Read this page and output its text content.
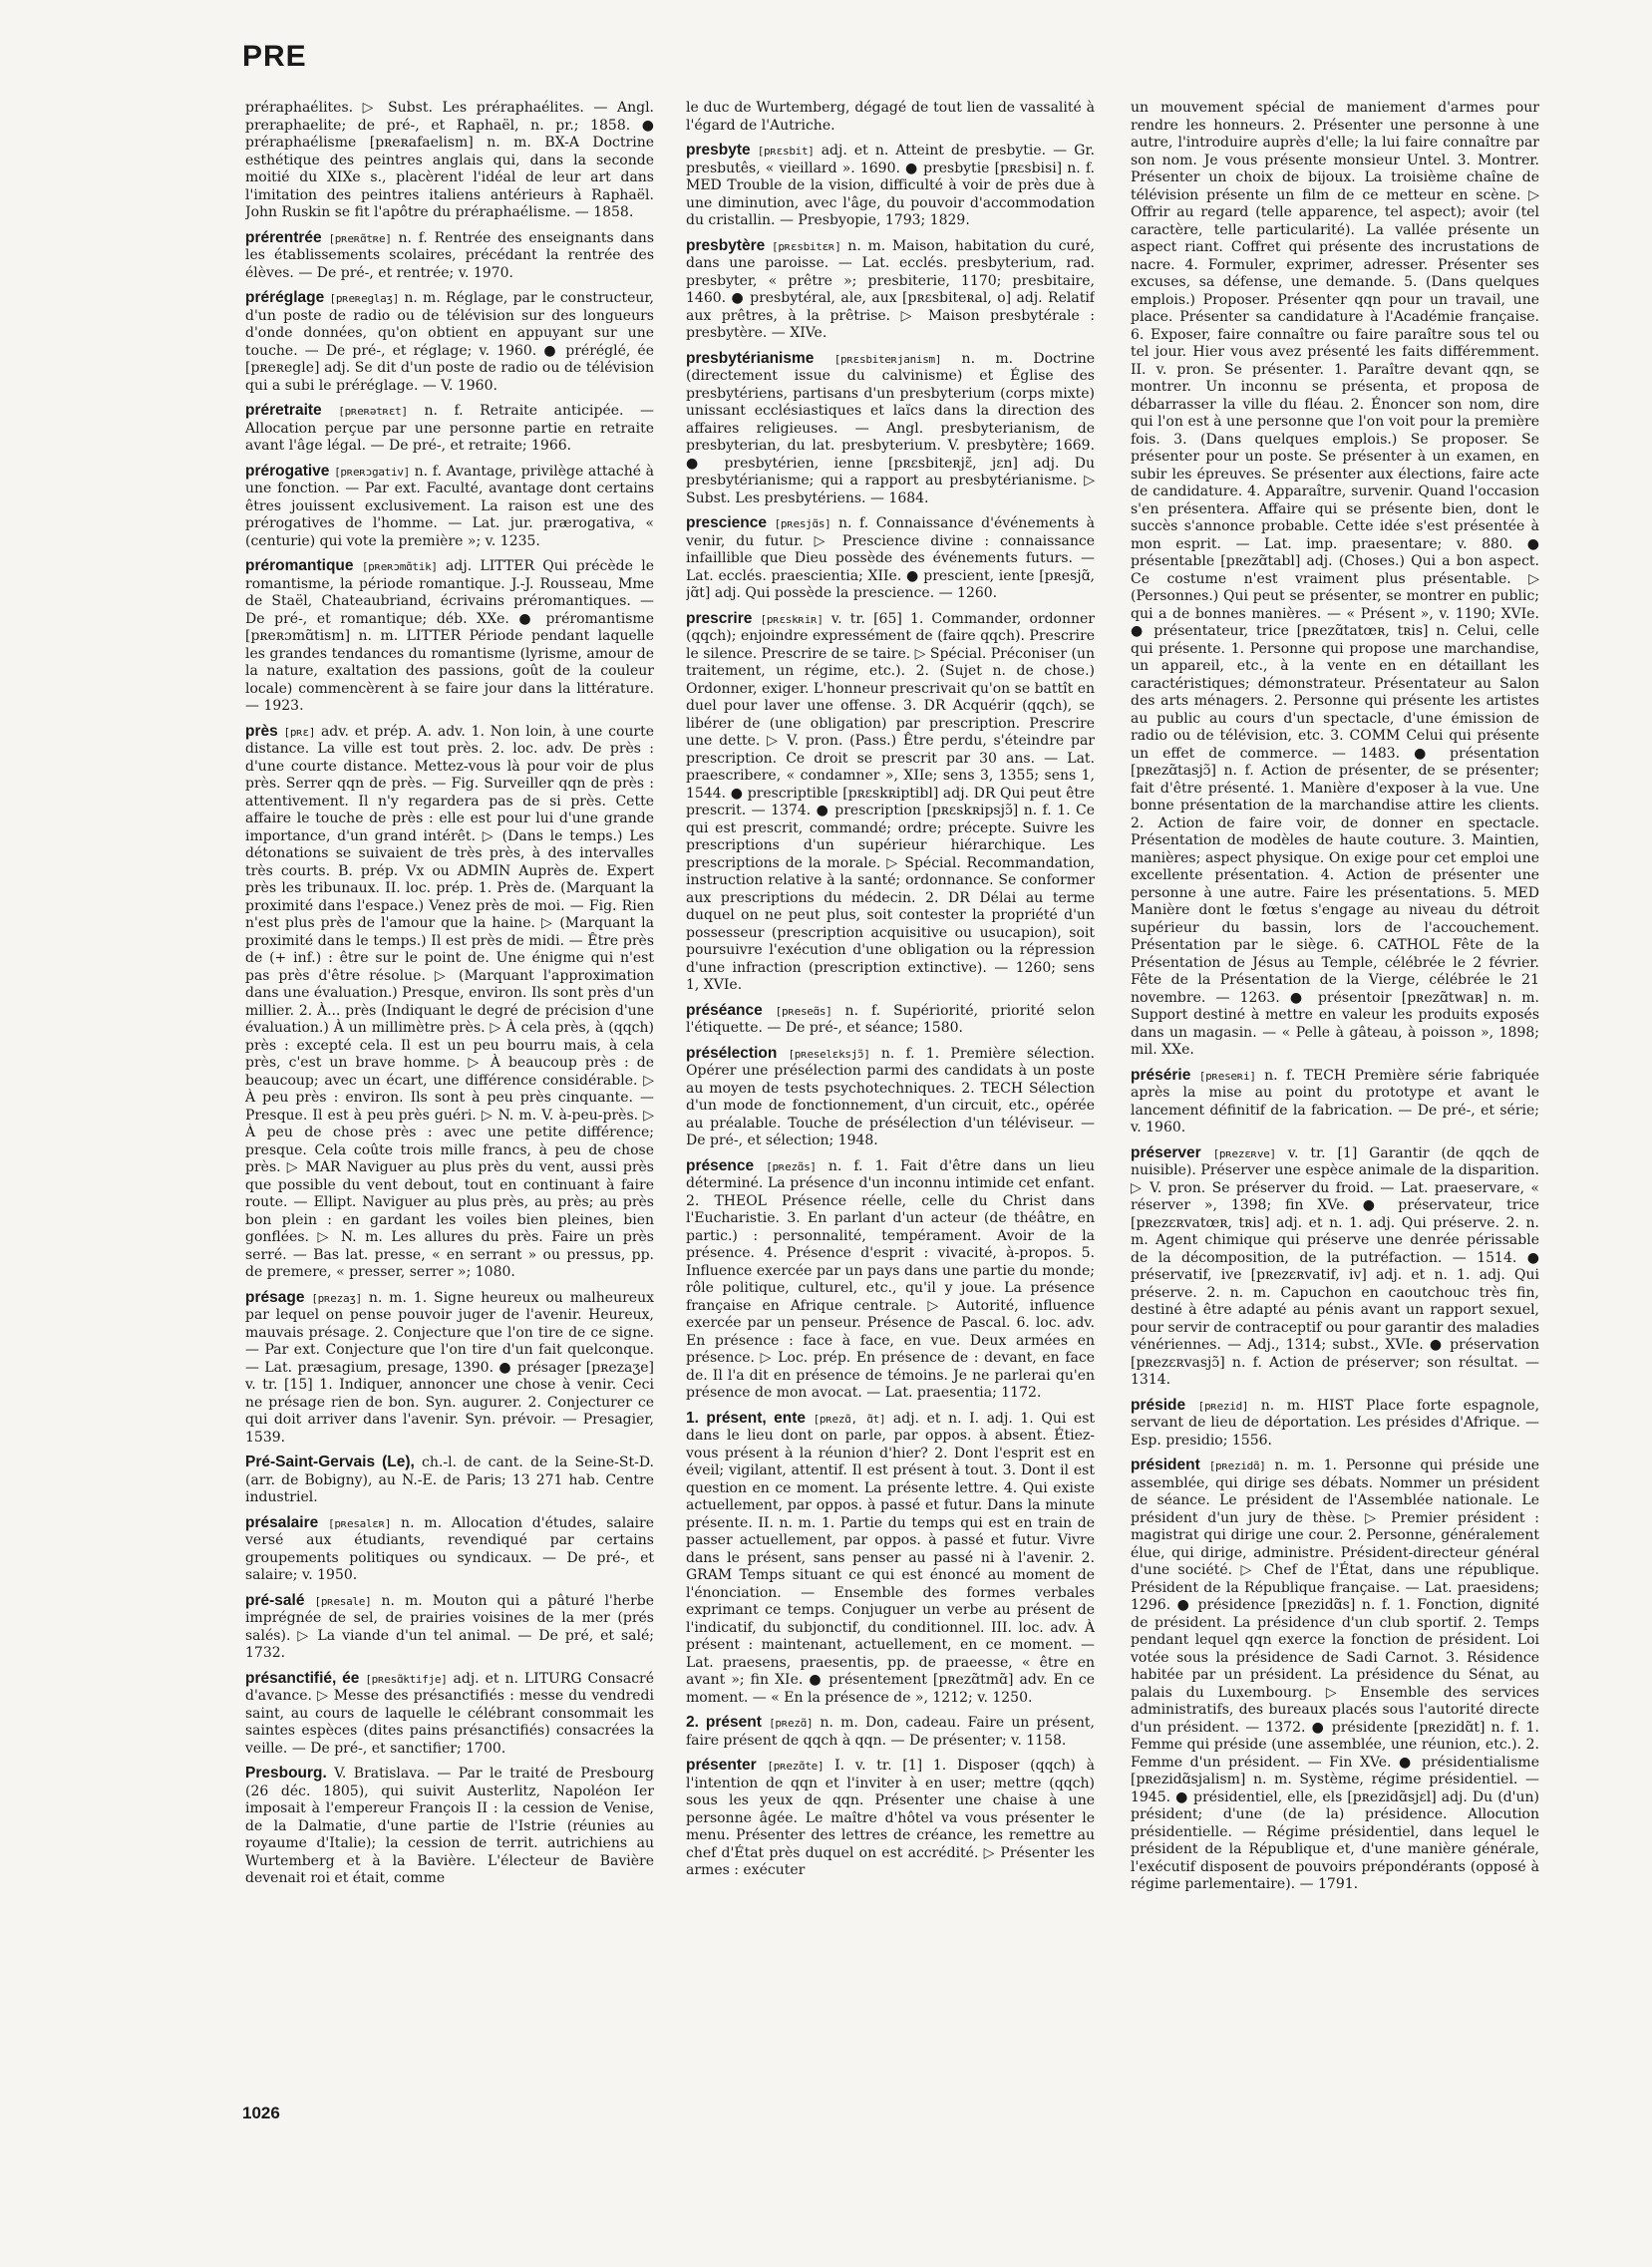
PRE

préraphaélites. ▷ Subst. Les préraphaélites. — Angl. preraphaelite; de pré-, et Raphaël, n. pr.; 1858. ● préraphaélisme [pʀeʀafaelism] n. m. BX-A Doctrine esthétique des peintres anglais qui, dans la seconde moitié du XIXe s., placèrent l'idéal de leur art dans l'imitation des peintres italiens antérieurs à Raphaël. John Ruskin se fit l'apôtre du préraphaélisme. — 1858.

prérentrée [pʀeʀɑ̃tʀe] n. f. Rentrée des enseignants dans les établissements scolaires, précédant la rentrée des élèves. — De pré-, et rentrée; v. 1970.

préréglage [pʀeʀeglaʒ] n. m. Réglage, par le constructeur, d'un poste de radio ou de télévision sur des longueurs d'onde données, qu'on obtient en appuyant sur une touche. — De pré-, et réglage; v. 1960. ● préréglé, ée [pʀeʀegle] adj. Se dit d'un poste de radio ou de télévision qui a subi le préréglage. — V. 1960.

préretraite [pʀeʀətʀɛt] n. f. Retraite anticipée. — Allocation perçue par une personne partie en retraite avant l'âge légal. — De pré-, et retraite; 1966.

prérogative [pʀeʀɔgativ] n. f. Avantage, privilège attaché à une fonction. — Par ext. Faculté, avantage dont certains êtres jouissent exclusivement. La raison est une des prérogatives de l'homme. — Lat. jur. prærogativa, « (centurie) qui vote la première »; v. 1235.

préromantique [pʀeʀɔmɑ̃tik] adj. LITTER Qui précède le romantisme, la période romantique. J.-J. Rousseau, Mme de Staël, Chateaubriand, écrivains préromantiques. — De pré-, et romantique; déb. XXe. ● préromantisme [pʀeʀɔmɑ̃tism] n. m. LITTER Période pendant laquelle les grandes tendances du romantisme (lyrisme, amour de la nature, exaltation des passions, goût de la couleur locale) commencèrent à se faire jour dans la littérature. — 1923.

près [pʀɛ] adv. et prép. A. adv. 1. Non loin, à une courte distance. La ville est tout près. 2. loc. adv. De près : d'une courte distance. Mettez-vous là pour voir de plus près. Serrer qqn de près. — Fig. Surveiller qqn de près : attentivement. Il n'y regardera pas de si près. Cette affaire le touche de près : elle est pour lui d'une grande importance, d'un grand intérêt. ▷ (Dans le temps.) Les détonations se suivaient de très près, à des intervalles très courts. B. prép. Vx ou ADMIN Auprès de. Expert près les tribunaux. II. loc. prép. 1. Près de. (Marquant la proximité dans l'espace.) Venez près de moi. — Fig. Rien n'est plus près de l'amour que la haine. ▷ (Marquant la proximité dans le temps.) Il est près de midi. — Être près de (+ inf.) : être sur le point de. Une énigme qui n'est pas près d'être résolue. ▷ (Marquant l'approximation dans une évaluation.) Presque, environ. Ils sont près d'un millier. 2. À... près (Indiquant le degré de précision d'une évaluation.) À un millimètre près. ▷ À cela près, à (qqch) près : excepté cela. Il est un peu bourru mais, à cela près, c'est un brave homme. ▷ À beaucoup près : de beaucoup; avec un écart, une différence considérable. ▷ À peu près : environ. Ils sont à peu près cinquante. — Presque. Il est à peu près guéri. ▷ N. m. V. à-peu-près. ▷ À peu de chose près : avec une petite différence; presque. Cela coûte trois mille francs, à peu de chose près. ▷ MAR Naviguer au plus près du vent, aussi près que possible du vent debout, tout en continuant à faire route. — Ellipt. Naviguer au plus près, au près; au près bon plein : en gardant les voiles bien pleines, bien gonflées. ▷ N. m. Les allures du près. Faire un près serré. — Bas lat. presse, « en serrant » ou pressus, pp. de premere, « presser, serrer »; 1080.

présage [pʀezaʒ] n. m. 1. Signe heureux ou malheureux par lequel on pense pouvoir juger de l'avenir. Heureux, mauvais présage. 2. Conjecture que l'on tire de ce signe. — Par ext. Conjecture que l'on tire d'un fait quelconque. — Lat. præsagium, presage, 1390. ● présager [pʀezaʒe] v. tr. [15] 1. Indiquer, annoncer une chose à venir. Ceci ne présage rien de bon. Syn. augurer. 2. Conjecturer ce qui doit arriver dans l'avenir. Syn. prévoir. — Presagier, 1539.

Pré-Saint-Gervais (Le), ch.-l. de cant. de la Seine-St-D. (arr. de Bobigny), au N.-E. de Paris; 13 271 hab. Centre industriel.

présalaire [pʀesalɛʀ] n. m. Allocation d'études, salaire versé aux étudiants, revendiqué par certains groupements politiques ou syndicaux. — De pré-, et salaire; v. 1950.

pré-salé [pʀesale] n. m. Mouton qui a pâturé l'herbe imprégnée de sel, de prairies voisines de la mer (prés salés). ▷ La viande d'un tel animal. — De pré, et salé; 1732.

présanctifié, ée [pʀesɑ̃ktifje] adj. et n. LITURG Consacré d'avance. ▷ Messe des présanctifiés : messe du vendredi saint, au cours de laquelle le célébrant consommait les saintes espèces (dites pains présanctifiés) consacrées la veille. — De pré-, et sanctifier; 1700.

Presbourg. V. Bratislava. — Par le traité de Presbourg (26 déc. 1805), qui suivit Austerlitz, Napoléon Ier imposait à l'empereur François II : la cession de Venise, de la Dalmatie, d'une partie de l'Istrie (réunies au royaume d'Italie); la cession de territ. autrichiens au Wurtemberg et à la Bavière. L'électeur de Bavière devenait roi et était, comme

le duc de Wurtemberg, dégagé de tout lien de vassalité à l'égard de l'Autriche.

presbyte [pʀɛsbit] adj. et n. Atteint de presbytie. — Gr. presbutês, « vieillard ». 1690. ● presbytie [pʀɛsbisi] n. f. MED Trouble de la vision, difficulté à voir de près due à une diminution, avec l'âge, du pouvoir d'accommodation du cristallin. — Presbyopie, 1793; 1829.

presbytère [pʀɛsbitɛʀ] n. m. Maison, habitation du curé, dans une paroisse. — Lat. ecclés. presbyterium, rad. presbyter, « prêtre »; presbiterie, 1170; presbitaire, 1460. ● presbytéral, ale, aux [pʀɛsbiteʀal, o] adj. Relatif aux prêtres, à la prêtrise. ▷ Maison presbytérale : presbytère. — XIVe.

presbytérianisme [pʀɛsbiteʀjanism] n. m. Doctrine (directement issue du calvinisme) et Église des presbytériens, partisans d'un presbyterium (corps mixte) unissant ecclésiastiques et laïcs dans la direction des affaires religieuses. — Angl. presbyterianism, de presbyterian, du lat. presbyterium. V. presbytère; 1669. ● presbytérien, ienne [pʀɛsbiteʀjɛ̃, jɛn] adj. Du presbytérianisme; qui a rapport au presbytérianisme. ▷ Subst. Les presbytériens. — 1684.

prescience [pʀesjɑ̃s] n. f. Connaissance d'événements à venir, du futur. ▷ Prescience divine : connaissance infaillible que Dieu possède des événements futurs. — Lat. ecclés. praescientia; XIIe. ● prescient, iente [pʀesjɑ̃, jɑ̃t] adj. Qui possède la prescience. — 1260.

prescrire [pʀɛskʀiʀ] v. tr. [65] 1. Commander, ordonner (qqch); enjoindre expressément de (faire qqch). Prescrire le silence. Prescrire de se taire. ▷ Spécial. Préconiser (un traitement, un régime, etc.). 2. (Sujet n. de chose.) Ordonner, exiger. L'honneur prescrivait qu'on se battît en duel pour laver une offense. 3. DR Acquérir (qqch), se libérer de (une obligation) par prescription. Prescrire une dette. ▷ V. pron. (Pass.) Être perdu, s'éteindre par prescription. Ce droit se prescrit par 30 ans. — Lat. praescribere, « condamner », XIIe; sens 3, 1355; sens 1, 1544. ● prescriptible [pʀɛskʀiptibl] adj. DR Qui peut être prescrit. — 1374. ● prescription [pʀɛskʀipsjɔ̃] n. f. 1. Ce qui est prescrit, commandé; ordre; précepte. Suivre les prescriptions d'un supérieur hiérarchique. Les prescriptions de la morale. ▷ Spécial. Recommandation, instruction relative à la santé; ordonnance. Se conformer aux prescriptions du médecin. 2. DR Délai au terme duquel on ne peut plus, soit contester la propriété d'un possesseur (prescription acquisitive ou usucapion), soit poursuivre l'exécution d'une obligation ou la répression d'une infraction (prescription extinctive). — 1260; sens 1, XVIe.

préséance [pʀeseɑ̃s] n. f. Supériorité, priorité selon l'étiquette. — De pré-, et séance; 1580.

présélection [pʀeselɛksjɔ̃] n. f. 1. Première sélection. Opérer une présélection parmi des candidats à un poste au moyen de tests psychotechniques. 2. TECH Sélection d'un mode de fonctionnement, d'un circuit, etc., opérée au préalable. Touche de présélection d'un téléviseur. — De pré-, et sélection; 1948.

présence [pʀezɑ̃s] n. f. 1. Fait d'être dans un lieu déterminé. La présence d'un inconnu intimide cet enfant. 2. THEOL Présence réelle, celle du Christ dans l'Eucharistie. 3. En parlant d'un acteur (de théâtre, en partic.) : personnalité, tempérament. Avoir de la présence. 4. Présence d'esprit : vivacité, à-propos. 5. Influence exercée par un pays dans une partie du monde; rôle politique, culturel, etc., qu'il y joue. La présence française en Afrique centrale. ▷ Autorité, influence exercée par un penseur. Présence de Pascal. 6. loc. adv. En présence : face à face, en vue. Deux armées en présence. ▷ Loc. prép. En présence de : devant, en face de. Il l'a dit en présence de témoins. Je ne parlerai qu'en présence de mon avocat. — Lat. praesentia; 1172.

1. présent, ente [pʀezɑ̃, ɑ̃t] adj. et n. I. adj. 1. Qui est dans le lieu dont on parle, par oppos. à absent. Étiez-vous présent à la réunion d'hier? 2. Dont l'esprit est en éveil; vigilant, attentif. Il est présent à tout. 3. Dont il est question en ce moment. La présente lettre. 4. Qui existe actuellement, par oppos. à passé et futur. Dans la minute présente. II. n. m. 1. Partie du temps qui est en train de passer actuellement, par oppos. à passé et futur. Vivre dans le présent, sans penser au passé ni à l'avenir. 2. GRAM Temps situant ce qui est énoncé au moment de l'énonciation. — Ensemble des formes verbales exprimant ce temps. Conjuguer un verbe au présent de l'indicatif, du subjonctif, du conditionnel. III. loc. adv. À présent : maintenant, actuellement, en ce moment. — Lat. praesens, praesentis, pp. de praeesse, « être en avant »; fin XIe. ● présentement [pʀezɑ̃tmɑ̃] adv. En ce moment. — « En la présence de », 1212; v. 1250.

2. présent [pʀezɑ̃] n. m. Don, cadeau. Faire un présent, faire présent de qqch à qqn. — De présenter; v. 1158.

présenter [pʀezɑ̃te] I. v. tr. [1] 1. Disposer (qqch) à l'intention de qqn et l'inviter à en user; mettre (qqch) sous les yeux de qqn. Présenter une chaise à une personne âgée. Le maître d'hôtel va vous présenter le menu. Présenter des lettres de créance, les remettre au chef d'État près duquel on est accrédité. ▷ Présenter les armes : exécuter

un mouvement spécial de maniement d'armes pour rendre les honneurs. 2. Présenter une personne à une autre, l'introduire auprès d'elle; la lui faire connaître par son nom. Je vous présente monsieur Untel. 3. Montrer. Présenter un choix de bijoux. La troisième chaîne de télévision présente un film de ce metteur en scène. ▷ Offrir au regard (telle apparence, tel aspect); avoir (tel caractère, telle particularité). La vallée présente un aspect riant. Coffret qui présente des incrustations de nacre. 4. Formuler, exprimer, adresser. Présenter ses excuses, sa défense, une demande. 5. (Dans quelques emplois.) Proposer. Présenter qqn pour un travail, une place. Présenter sa candidature à l'Académie française. 6. Exposer, faire connaître ou faire paraître sous tel ou tel jour. Hier vous avez présenté les faits différemment. II. v. pron. Se présenter. 1. Paraître devant qqn, se montrer. Un inconnu se présenta, et proposa de débarrasser la ville du fléau. 2. Énoncer son nom, dire qui l'on est à une personne que l'on voit pour la première fois. 3. (Dans quelques emplois.) Se proposer. Se présenter pour un poste. Se présenter à un examen, en subir les épreuves. Se présenter aux élections, faire acte de candidature. 4. Apparaître, survenir. Quand l'occasion s'en présentera. Affaire qui se présente bien, dont le succès s'annonce probable. Cette idée s'est présentée à mon esprit. — Lat. imp. praesentare; v. 880. ● présentable [pʀezɑ̃tabl] adj. (Choses.) Qui a bon aspect. Ce costume n'est vraiment plus présentable. ▷ (Personnes.) Qui peut se présenter, se montrer en public; qui a de bonnes manières. — « Présent », v. 1190; XVIe. ● présentateur, trice [pʀezɑ̃tatœʀ, tʀis] n. Celui, celle qui présente. 1. Personne qui propose une marchandise, un appareil, etc., à la vente en en détaillant les caractéristiques; démonstrateur. Présentateur au Salon des arts ménagers. 2. Personne qui présente les artistes au public au cours d'un spectacle, d'une émission de radio ou de télévision, etc. 3. COMM Celui qui présente un effet de commerce. — 1483. ● présentation [pʀezɑ̃tasjɔ̃] n. f. Action de présenter, de se présenter; fait d'être présenté. 1. Manière d'exposer à la vue. Une bonne présentation de la marchandise attire les clients. 2. Action de faire voir, de donner en spectacle. Présentation de modèles de haute couture. 3. Maintien, manières; aspect physique. On exige pour cet emploi une excellente présentation. 4. Action de présenter une personne à une autre. Faire les présentations. 5. MED Manière dont le fœtus s'engage au niveau du détroit supérieur du bassin, lors de l'accouchement. Présentation par le siège. 6. CATHOL Fête de la Présentation de Jésus au Temple, célébrée le 2 février. Fête de la Présentation de la Vierge, célébrée le 21 novembre. — 1263. ● présentoir [pʀezɑ̃twaʀ] n. m. Support destiné à mettre en valeur les produits exposés dans un magasin. — « Pelle à gâteau, à poisson », 1898; mil. XXe.

présérie [pʀeseʀi] n. f. TECH Première série fabriquée après la mise au point du prototype et avant le lancement définitif de la fabrication. — De pré-, et série; v. 1960.

préserver [pʀezɛʀve] v. tr. [1] Garantir (de qqch de nuisible). Préserver une espèce animale de la disparition. ▷ V. pron. Se préserver du froid. — Lat. praeservare, « réserver », 1398; fin XVe. ● préservateur, trice [pʀezɛʀvatœʀ, tʀis] adj. et n. 1. adj. Qui préserve. 2. n. m. Agent chimique qui préserve une denrée périssable de la décomposition, de la putréfaction. — 1514. ● préservatif, ive [pʀezɛʀvatif, iv] adj. et n. 1. adj. Qui préserve. 2. n. m. Capuchon en caoutchouc très fin, destiné à être adapté au pénis avant un rapport sexuel, pour servir de contraceptif ou pour garantir des maladies vénériennes. — Adj., 1314; subst., XVIe. ● préservation [pʀezɛʀvasjɔ̃] n. f. Action de préserver; son résultat. — 1314.

préside [pʀezid] n. m. HIST Place forte espagnole, servant de lieu de déportation. Les présides d'Afrique. — Esp. presidio; 1556.

président [pʀezidɑ̃] n. m. 1. Personne qui préside une assemblée, qui dirige ses débats. Nommer un président de séance. Le président de l'Assemblée nationale. Le président d'un jury de thèse. ▷ Premier président : magistrat qui dirige une cour. 2. Personne, généralement élue, qui dirige, administre. Président-directeur général d'une société. ▷ Chef de l'État, dans une république. Président de la République française. — Lat. praesidens; 1296. ● présidence [pʀezidɑ̃s] n. f. 1. Fonction, dignité de président. La présidence d'un club sportif. 2. Temps pendant lequel qqn exerce la fonction de président. Loi votée sous la présidence de Sadi Carnot. 3. Résidence habitée par un président. La présidence du Sénat, au palais du Luxembourg. ▷ Ensemble des services administratifs, des bureaux placés sous l'autorité directe d'un président. — 1372. ● présidente [pʀezidɑ̃t] n. f. 1. Femme qui préside (une assemblée, une réunion, etc.). 2. Femme d'un président. — Fin XVe. ● présidentialisme [pʀezidɑ̃sjalism] n. m. Système, régime présidentiel. — 1945. ● présidentiel, elle, els [pʀezidɑ̃sjɛl] adj. Du (d'un) président; d'une (de la) présidence. Allocution présidentielle. — Régime présidentiel, dans lequel le président de la République et, d'une manière générale, l'exécutif disposent de pouvoirs prépondérants (opposé à régime parlementaire). — 1791.

1026
